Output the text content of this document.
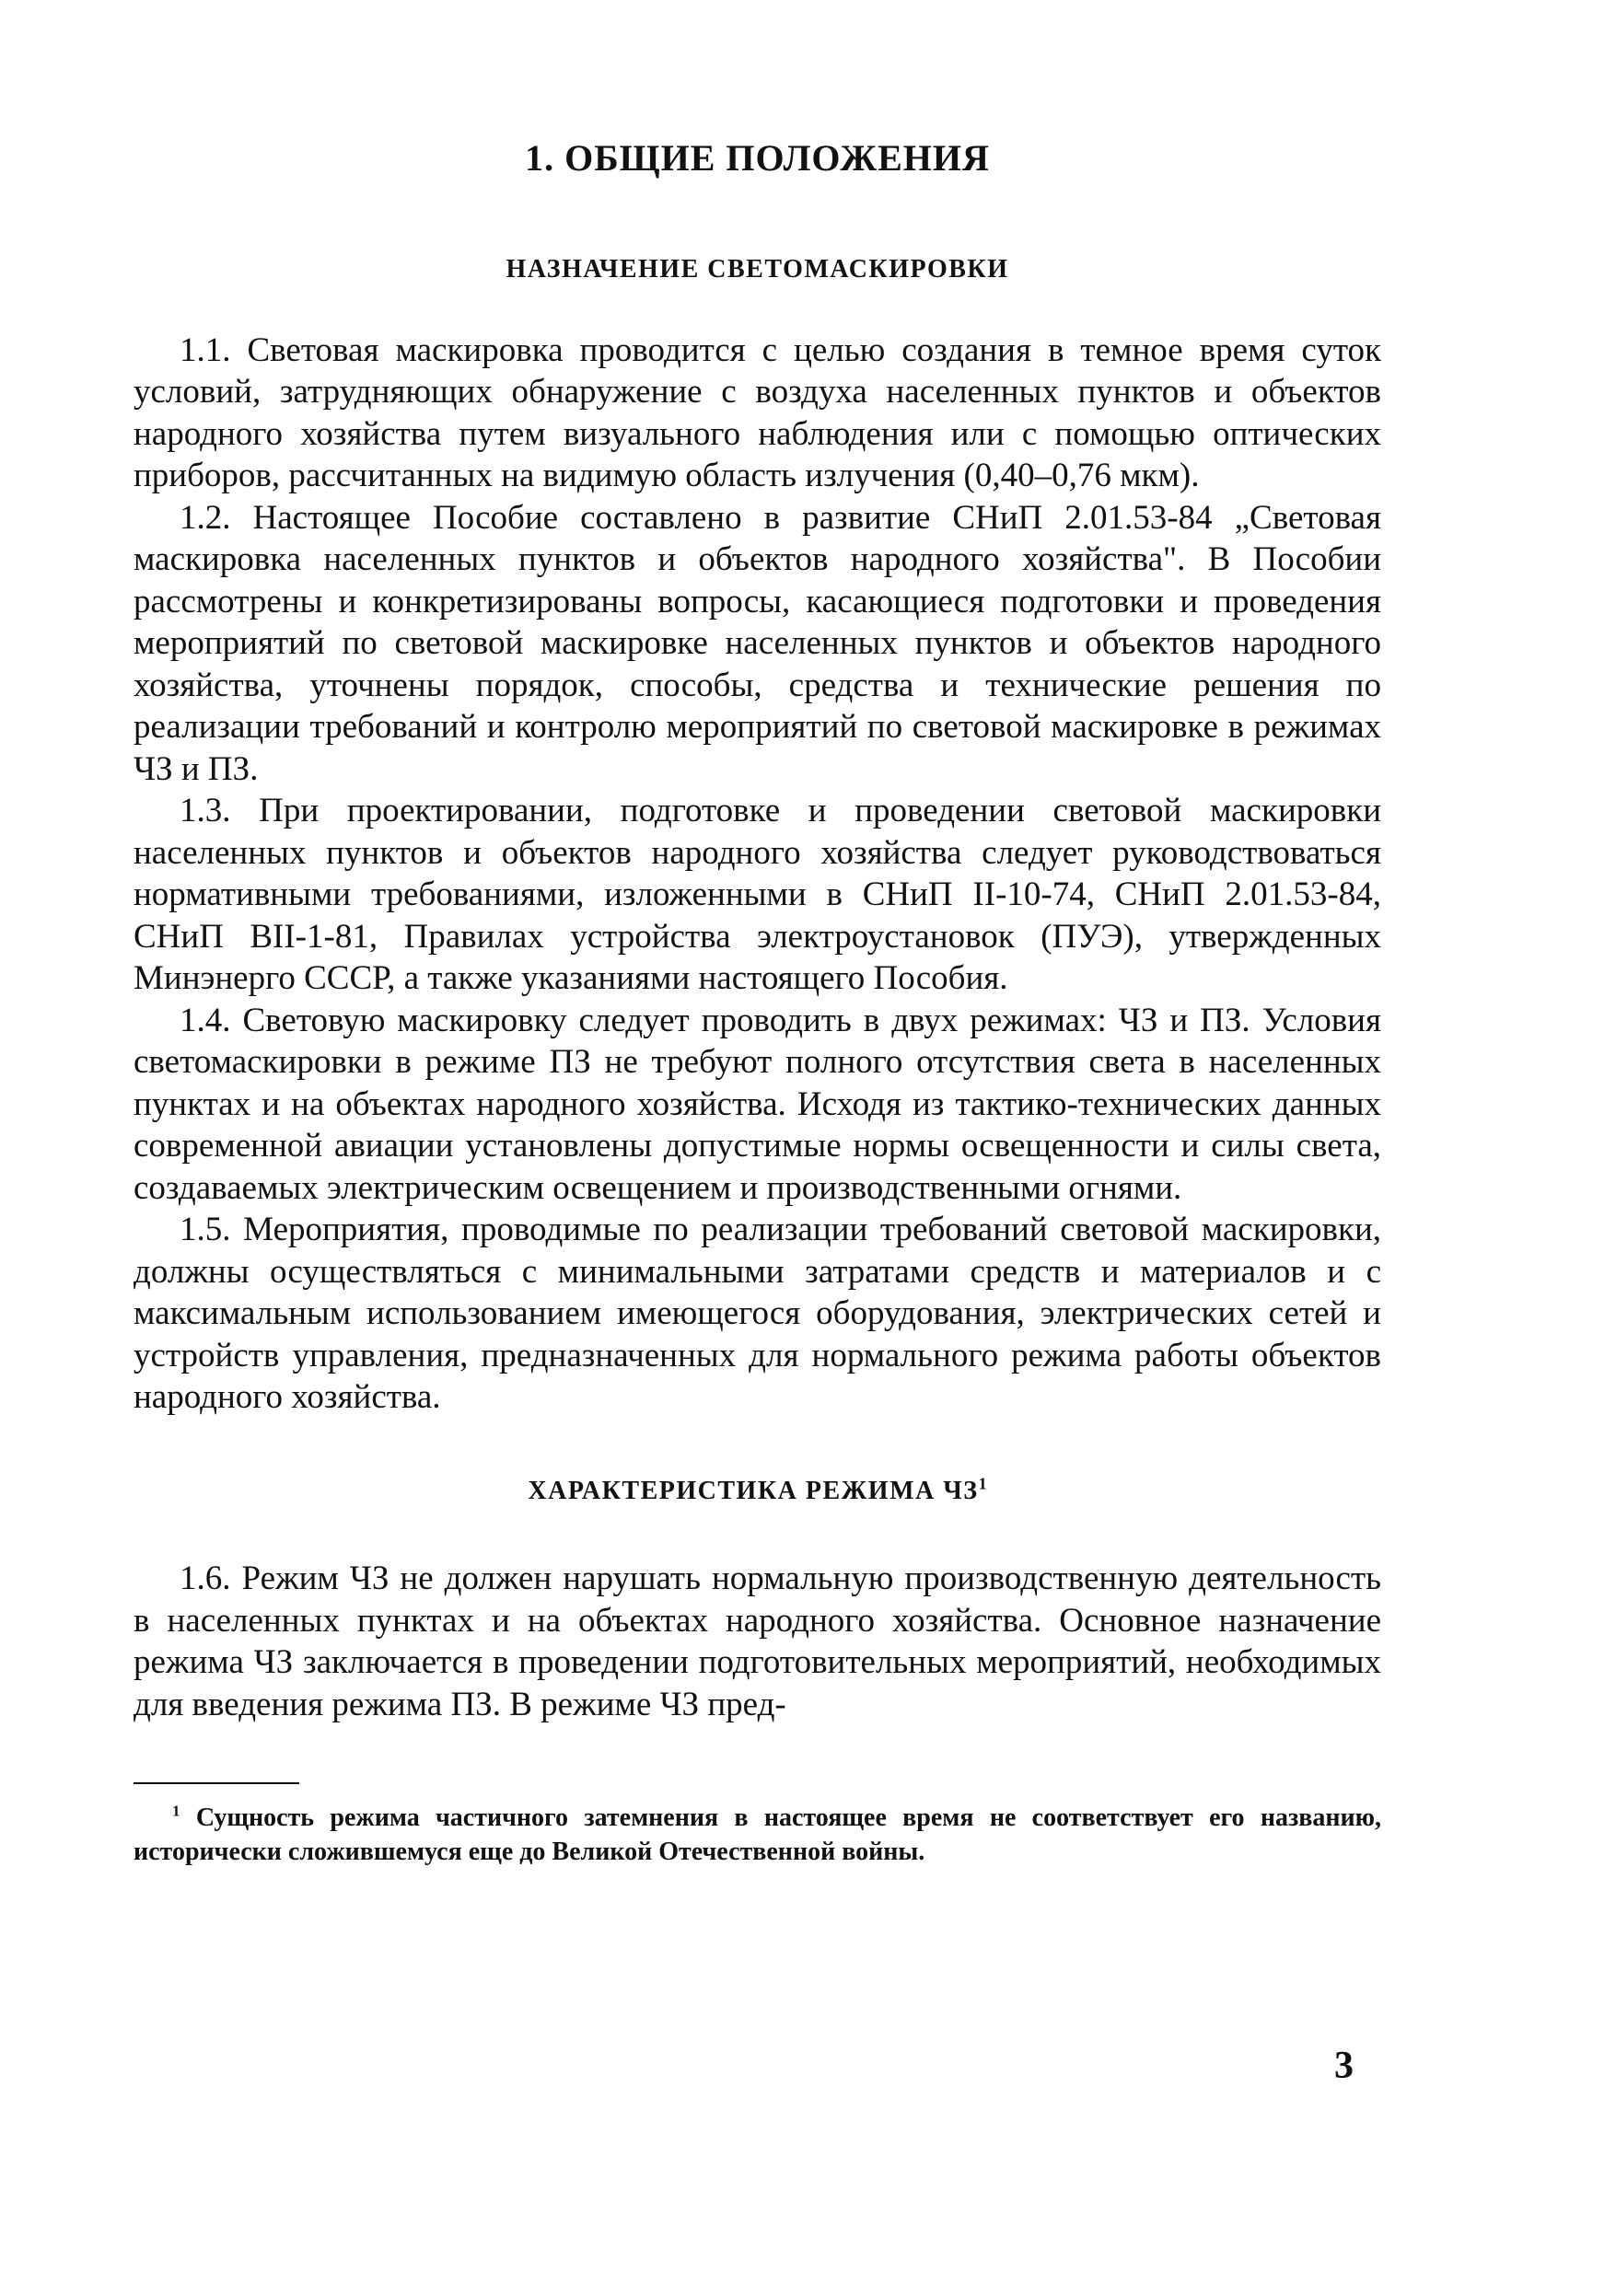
1. ОБЩИЕ ПОЛОЖЕНИЯ
НАЗНАЧЕНИЕ СВЕТОМАСКИРОВКИ

1.1. Световая маскировка проводится с целью создания в темное время суток условий, затрудняющих обнаружение с воздуха населенных пунктов и объектов народного хозяйства путем визуального наблюдения или с помощью оптических приборов, рассчитанных на видимую область излучения (0,40–0,76 мкм).

1.2. Настоящее Пособие составлено в развитие СНиП 2.01.53-84 „Световая маскировка населенных пунктов и объектов народного хозяйства". В Пособии рассмотрены и конкретизированы вопросы, касающиеся подготовки и проведения мероприятий по световой маскировке населенных пунктов и объектов народного хозяйства, уточнены порядок, способы, средства и технические решения по реализации требований и контролю мероприятий по световой маскировке в режимах ЧЗ и ПЗ.

1.3. При проектировании, подготовке и проведении световой маскировки населенных пунктов и объектов народного хозяйства следует руководствоваться нормативными требованиями, изложенными в СНиП II-10-74, СНиП 2.01.53-84, СНиП ВII-1-81, Правилах устройства электроустановок (ПУЭ), утвержденных Минэнерго СССР, а также указаниями настоящего Пособия.

1.4. Световую маскировку следует проводить в двух режимах: ЧЗ и ПЗ. Условия светомаскировки в режиме ПЗ не требуют полного отсутствия света в населенных пунктах и на объектах народного хозяйства. Исходя из тактико-технических данных современной авиации установлены допустимые нормы освещенности и силы света, создаваемых электрическим освещением и производственными огнями.

1.5. Мероприятия, проводимые по реализации требований световой маскировки, должны осуществляться с минимальными затратами средств и материалов и с максимальным использованием имеющегося оборудования, электрических сетей и устройств управления, предназначенных для нормального режима работы объектов народного хозяйства.

ХАРАКТЕРИСТИКА РЕЖИМА $ЧЗ^1$

1.6. Режим ЧЗ не должен нарушать нормальную производственную деятельность в населенных пунктах и на объектах народного хозяйства. Основное назначение режима ЧЗ заключается в проведении подготовительных мероприятий, необходимых для введения режима ПЗ. В режиме ЧЗ пред-

$^1$ Сущность режима частичного затемнения в настоящее время не соответствует его названию, исторически сложившемуся еще до Великой Отечественной войны.

3
